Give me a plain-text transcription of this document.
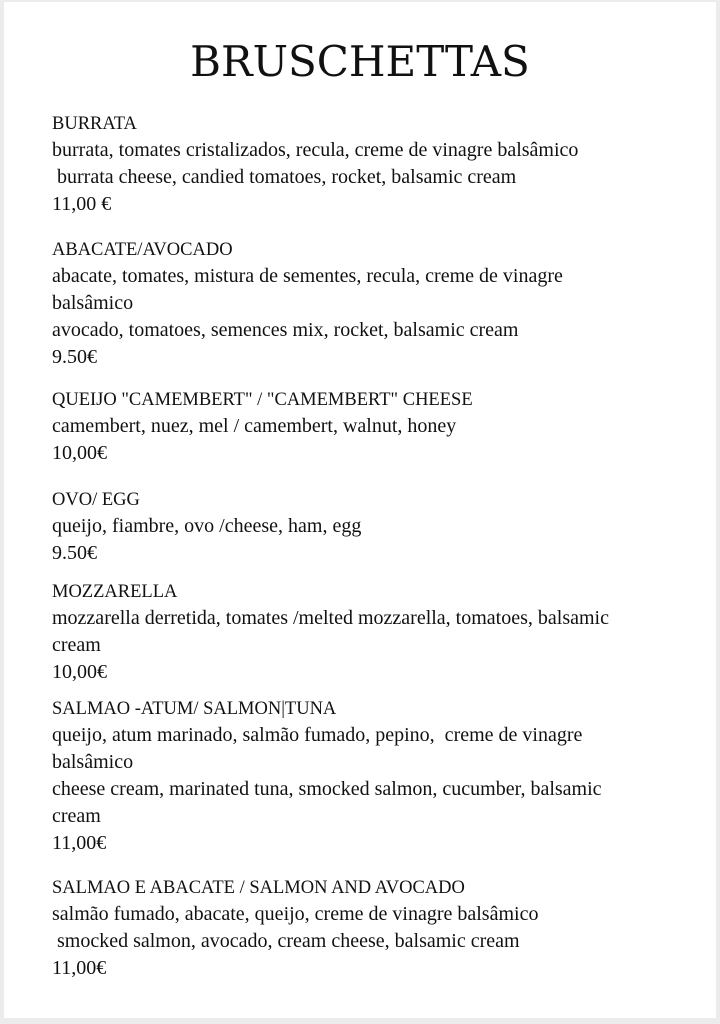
BRUSCHETTAS
BURRATA
burrata, tomates cristalizados, recula, creme de vinagre balsâmico
burrata cheese, candied tomatoes, rocket, balsamic cream
11,00 €
ABACATE/AVOCADO
abacate, tomates, mistura de sementes, recula, creme de vinagre
balsâmico
avocado, tomatoes, semences mix, rocket, balsamic cream
9.50€
QUEIJO "CAMEMBERT" / "CAMEMBERT" CHEESE
camembert, nuez, mel / camembert, walnut, honey
10,00€
OVO/ EGG
queijo, fiambre, ovo /cheese, ham, egg
9.50€
MOZZARELLA
mozzarella derretida, tomates /melted mozzarella, tomatoes, balsamic
cream
10,00€
SALMAO -ATUM/ SALMON|TUNA
queijo, atum marinado, salmão fumado, pepino,  creme de vinagre
balsâmico
cheese cream, marinated tuna, smocked salmon, cucumber, balsamic
cream
11,00€
SALMAO E ABACATE / SALMON AND AVOCADO
salmão fumado, abacate, queijo, creme de vinagre balsâmico
smocked salmon, avocado, cream cheese, balsamic cream
11,00€
